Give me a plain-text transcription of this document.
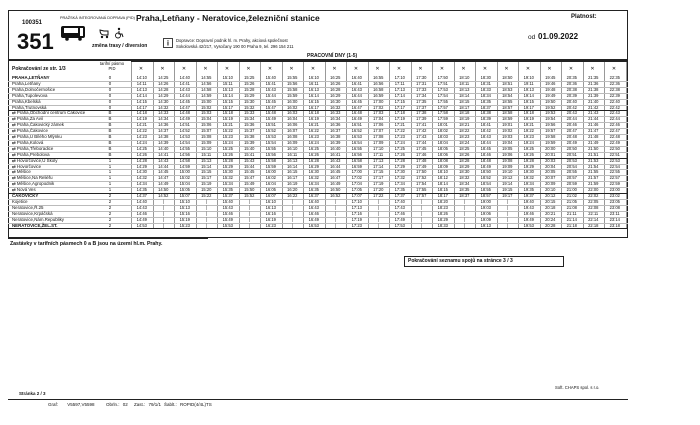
100351
351
PRAŽSKÁ INTEGROVANÁ DOPRAVA (PID)
změna trasy / diversion
Praha,Letňany - Neratovice,železniční stanice
i Dopravce: Dopravní podnik hl. m. Prahy, akciová společnost
Sokolovská 42/217, Vysočany 190 00 Praha 9, tel. 296 154 211
Platnost:
od 01.09.2022
PRACOVNÍ DNY (1-5)
Pokračování ze str. 1/3
tarifní pásmo PID	✕	✕	✕	✕	✕	✕	✕	✕	✕	✕	✕	✕	✕	✕	✕	✕	✕	✕	✕	✕	✕	✕	✕
PRAHA,LETŇANY	0	14:10	14:25	14:40	14:55	15:10	15:25	15:40	15:55	16:10	16:25	16:40	16:55	17:10	17:30	17:50	18:10	18:30	18:50	19:10	19:45	20:35	21:35	22:35
Praha,Letňany	0	14:11	14:26	14:41	14:56	15:11	15:26	15:41	15:56	16:11	16:26	16:41	16:56	17:11	17:31	17:51	18:11	18:31	18:51	19:11	19:46	20:36	21:36	22:36
Praha,Dolnočernošice	0	14:13	14:28	14:43	14:58	15:13	15:28	15:43	15:58	16:13	16:28	16:43	16:58	17:13	17:33	17:53	18:13	18:33	18:53	19:13	19:48	20:38	21:38	22:38
Praha,Tupolevova	0	14:14	14:29	14:44	14:59	15:14	15:29	15:44	15:59	16:14	16:29	16:44	16:59	17:14	17:34	17:54	18:14	18:34	18:54	19:14	19:49	20:39	21:39	22:39
Praha,Kbelská	0	14:15	14:30	14:45	15:00	15:15	15:30	15:45	16:00	16:15	16:30	16:45	17:00	17:15	17:35	17:55	18:15	18:35	18:55	19:15	19:50	20:40	21:40	22:40
Praha,Trutnovská	0	14:17	14:32	14:47	15:02	15:17	15:32	15:47	16:02	16:17	16:32	16:47	17:02	17:17	17:37	17:57	18:17	18:37	18:57	19:17	19:52	20:42	21:42	22:42
⇄ Praha,Obchodní centrum Čakovice	B	14:18	14:33	14:48	15:03	15:18	15:33	15:48	16:03	16:18	16:33	16:48	17:03	17:18	17:38	17:58	18:18	18:38	18:58	19:18	19:53	20:43	21:43	22:43
⇄ Praha,Za Avií	B	14:19	14:34	14:49	15:04	15:19	15:34	15:49	16:04	16:19	16:34	16:49	17:04	17:19	17:39	17:59	18:19	18:39	18:59	19:19	19:54	20:44	21:44	22:44
⇄ Praha,Čakovický zámek	B	14:21	14:36	14:51	15:06	15:21	15:36	15:51	16:06	16:21	16:36	16:51	17:06	17:21	17:41	18:01	18:21	18:41	19:01	19:21	19:56	20:46	21:46	22:46
⇄ Praha,Čakovice	B	14:22	14:37	14:52	15:07	15:22	15:37	15:52	16:07	16:22	16:37	16:52	17:07	17:22	17:42	18:02	18:22	18:42	19:02	19:22	19:57	20:47	21:47	22:47
⇄ Praha,U Bílého Mlýnku	B	14:23	14:38	14:53	15:08	15:23	15:38	15:53	16:08	16:23	16:38	16:53	17:08	17:23	17:43	18:03	18:23	18:43	19:03	19:23	19:58	20:48	21:48	22:48
⇄ Praha,Kolová	B	14:24	14:39	14:54	15:09	15:24	15:39	15:54	16:09	16:24	16:39	16:54	17:09	17:24	17:44	18:04	18:24	18:44	19:04	19:24	19:59	20:49	21:49	22:49
⇄ Praha,Třeboradice	B	14:25	14:40	14:55	15:10	15:25	15:40	15:55	16:10	16:25	16:40	16:55	17:10	17:25	17:45	18:05	18:25	18:45	19:05	19:25	20:00	20:50	21:50	22:50
⇄ Praha,Prebolova	B	14:26	14:41	14:56	15:11	15:26	15:41	15:56	16:11	16:26	16:41	16:56	17:11	17:26	17:46	18:06	18:26	18:46	19:06	19:26	20:01	20:51	21:51	22:51
⇄ Hovorčovice,U Školy	1	14:28	14:43	14:58	15:13	15:28	15:43	15:58	16:13	16:28	16:43	16:58	17:13	17:28	17:48	18:08	18:28	18:48	19:08	19:28	20:03	20:53	21:53	22:53
⇄ Hovorčovice	1	14:29	14:44	14:59	15:14	15:29	15:44	15:59	16:14	16:29	16:44	16:59	17:14	17:29	17:49	18:09	18:29	18:49	19:09	19:29	20:04	20:54	21:54	22:54
⇄ Měšice	1	14:30	14:45	15:00	15:15	15:30	15:45	16:00	16:15	16:30	16:45	17:00	17:15	17:30	17:50	18:10	18:30	18:50	19:10	19:30	20:05	20:55	21:55	22:55
⇄ Měšice,Na Reliéfu	1	14:32	14:47	15:02	15:17	15:32	15:47	16:02	16:17	16:32	16:47	17:02	17:17	17:32	17:52	18:12	18:32	18:52	19:12	19:32	20:07	20:57	21:57	22:57
⇄ Měšice,Agropodnik	1	14:34	14:49	15:04	15:19	15:34	15:49	16:04	16:19	16:34	16:49	17:04	17:19	17:34	17:54	18:14	18:34	18:54	19:14	19:34	20:09	20:59	21:59	22:59
⇄ Nová Ves	1	14:35	14:50	15:05	15:20	15:35	15:50	16:05	16:20	16:35	16:50	17:05	17:20	17:35	17:55	18:15	18:35	18:55	19:15	19:35	20:10	21:00	22:00	23:00
ČAKOVICKY	2	14:37	14:52	15:07	15:22	15:37	15:52	16:07	16:22	16:37	16:52	17:07	17:22	17:37	17:57	18:17	18:37	18:57	19:17	19:37	20:12	21:02	22:02	23:02
Kojetice	2	14:40	|	15:10	|	15:40	|	16:10	|	16:40	|	17:10	|	17:40	|	18:20	|	19:00	|	19:40	20:15	21:05	22:05	23:05
Neratovice,Ř.25	2	14:43	|	15:13	|	15:43	|	16:13	|	16:43	|	17:13	|	17:43	|	18:23	|	19:03	|	19:43	20:18	21:08	22:08	23:08
Neratovice,Krpáčská	2	14:46	|	15:16	|	15:46	|	16:16	|	16:46	|	17:16	|	17:46	|	18:26	|	19:06	|	19:46	20:21	21:11	22:11	23:11
Neratovice,Nám.Republiky	2	14:49	|	15:19	|	15:49	|	16:19	|	16:49	|	17:19	|	17:49	|	18:29	|	19:09	|	19:49	20:24	21:14	22:14	23:14
NERATOVICE,ŽEL.ST.	2	14:53	|	15:23	|	15:53	|	16:23	|	16:53	|	17:23	|	17:53	|	18:33	|	19:13	|	19:53	20:28	21:18	22:18	23:18
Zastávky v tarifních pásmech 0 a B jsou na území hl.m. Prahy.
Pokračování seznamu spojů na stránce 3 / 3
Stránka 2 / 3
Soft. CHAPS spol. s r.o.
Graf: V5597,V5598	Obrln.: 02 Zast.: 79/1/1 Šablt.: ROPID(4/4L)TS
